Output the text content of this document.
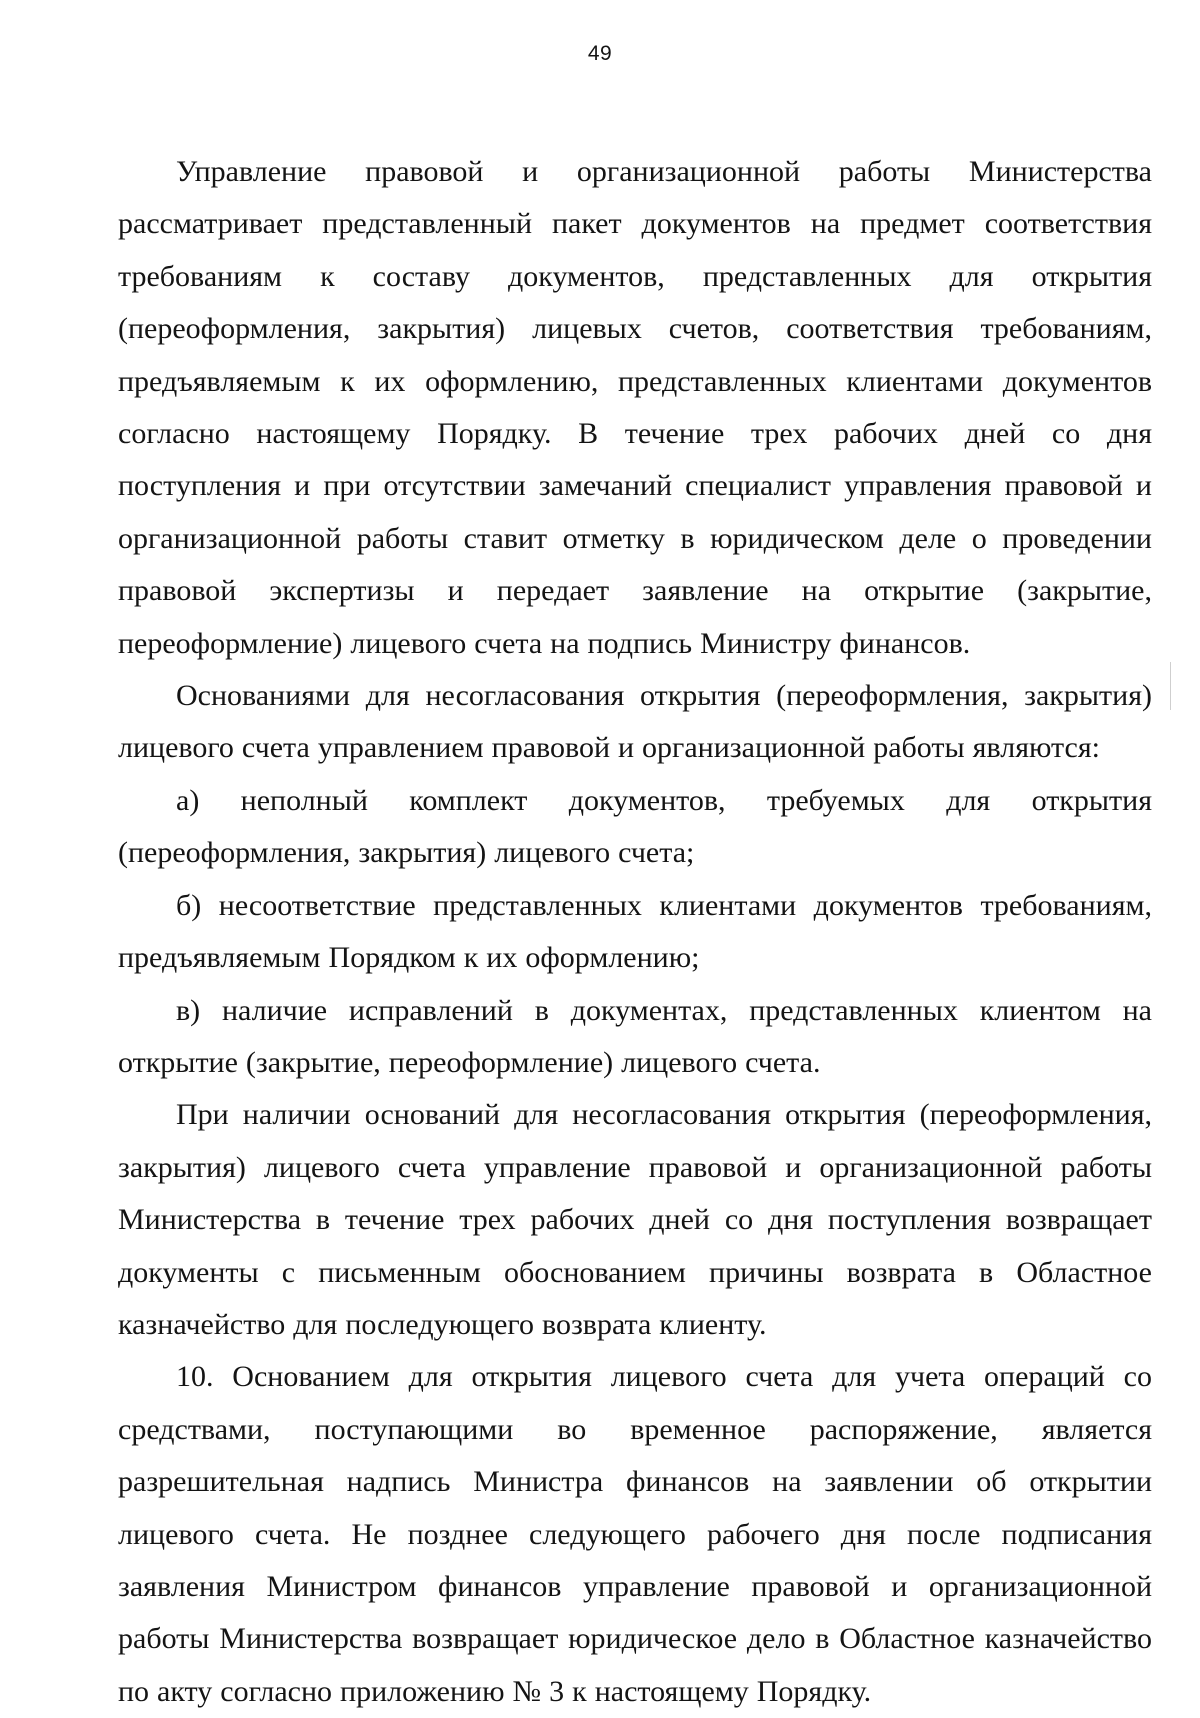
49

Управление правовой и организационной работы Министерства рассматривает представленный пакет документов на предмет соответствия требованиям к составу документов, представленных для открытия (переоформления, закрытия) лицевых счетов, соответствия требованиям, предъявляемым к их оформлению, представленных клиентами документов согласно настоящему Порядку. В течение трех рабочих дней со дня поступления и при отсутствии замечаний специалист управления правовой и организационной работы ставит отметку в юридическом деле о проведении правовой экспертизы и передает заявление на открытие (закрытие, переоформление) лицевого счета на подпись Министру финансов.

Основаниями для несогласования открытия (переоформления, закрытия) лицевого счета управлением правовой и организационной работы являются:

а) неполный комплект документов, требуемых для открытия (переоформления, закрытия) лицевого счета;

б) несоответствие представленных клиентами документов требованиям, предъявляемым Порядком к их оформлению;

в) наличие исправлений в документах, представленных клиентом на открытие (закрытие, переоформление) лицевого счета.

При наличии оснований для несогласования открытия (переоформления, закрытия) лицевого счета управление правовой и организационной работы Министерства в течение трех рабочих дней со дня поступления возвращает документы с письменным обоснованием причины возврата в Областное казначейство для последующего возврата клиенту.

10. Основанием для открытия лицевого счета для учета операций со средствами, поступающими во временное распоряжение, является разрешительная надпись Министра финансов на заявлении об открытии лицевого счета. Не позднее следующего рабочего дня после подписания заявления Министром финансов управление правовой и организационной работы Министерства возвращает юридическое дело в Областное казначейство по акту согласно приложению № 3 к настоящему Порядку.
